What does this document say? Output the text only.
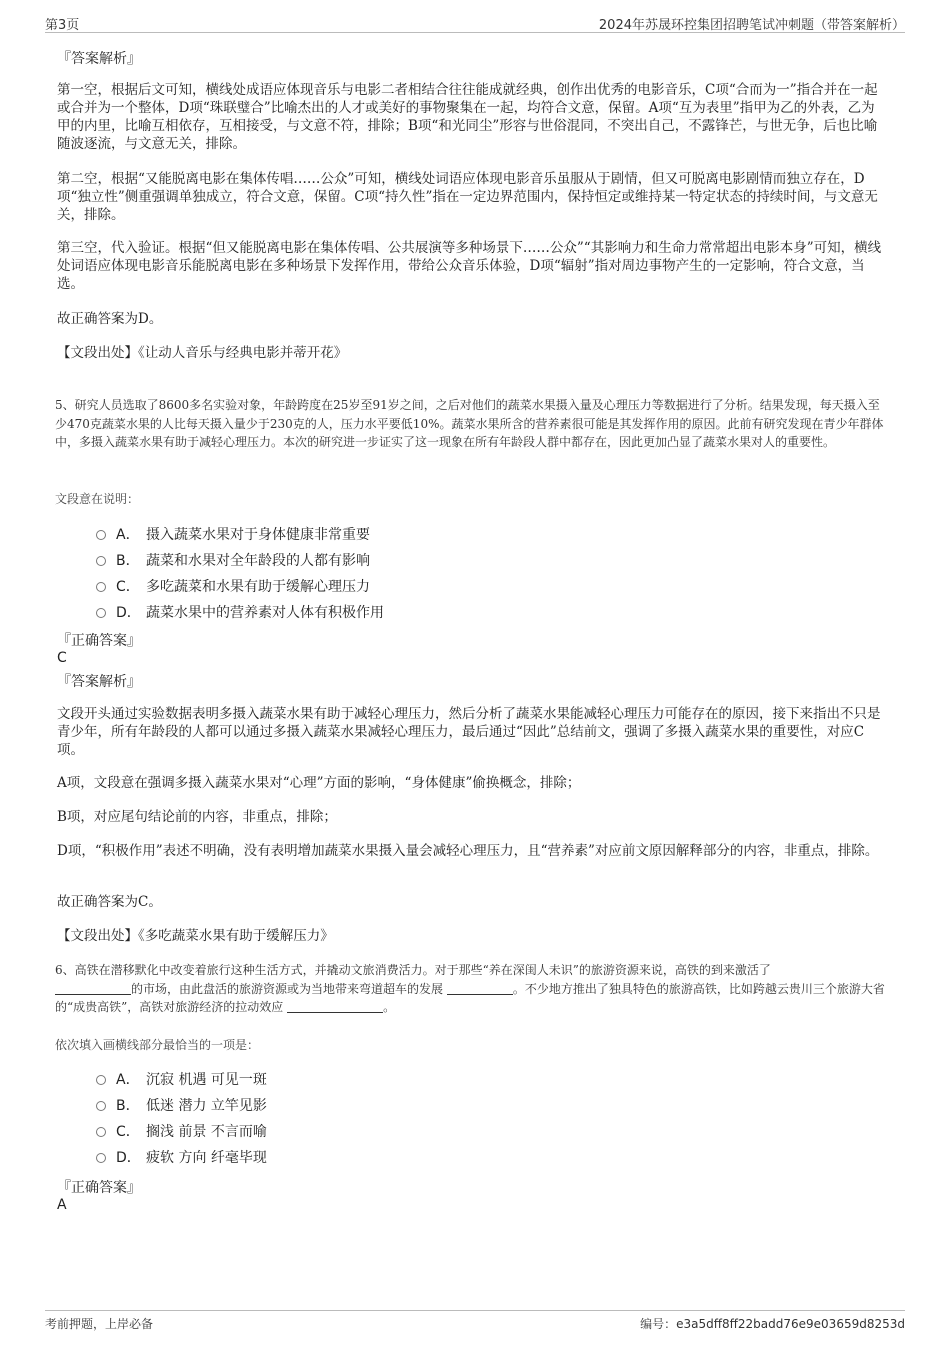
第3页	2024年苏晟环控集团招聘笔试冲刺题（带答案解析）
『答案解析』

第一空，根据后文可知，横线处成语应体现音乐与电影二者相结合往往能成就经典，创作出优秀的电影音乐，C项“合而为一”指合并在一起或合并为一个整体，D项“珠联璧合”比喻杰出的人才或美好的事物聚集在一起，均符合文意，保留。A项“互为表里”指甲为乙的外表，乙为甲的内里，比喻互相依存，互相接受，与文意不符，排除；B项“和光同尘”形容与世俗混同，不突出自己，不露锋芒，与世无争，后也比喻随波逐流，与文意无关，排除。

第二空，根据“又能脱离电影在集体传唱……公众”可知，横线处词语应体现电影音乐虽服从于剧情，但又可脱离电影剧情而独立存在，D项“独立性”侧重强调单独成立，符合文意，保留。C项“持久性”指在一定边界范围内，保持恒定或维持某一特定状态的持续时间，与文意无关，排除。

第三空，代入验证。根据“但又能脱离电影在集体传唱、公共展演等多种场景下……公众”“其影响力和生命力常常超出电影本身”可知，横线处词语应体现电影音乐能脱离电影在多种场景下发挥作用，带给公众音乐体验，D项“辐射”指对周边事物产生的一定影响，符合文意，当选。

故正确答案为D。

【文段出处】《让动人音乐与经典电影并蒂开花》

5、研究人员选取了8600多名实验对象，年龄跨度在25岁至91岁之间，之后对他们的蔬菜水果摄入量及心理压力等数据进行了分析。结果发现，每天摄入至少470克蔬菜水果的人比每天摄入量少于230克的人，压力水平要低10%。蔬菜水果所含的营养素很可能是其发挥作用的原因。此前有研究发现在青少年群体中，多摄入蔬菜水果有助于减轻心理压力。本次的研究进一步证实了这一现象在所有年龄段人群中都存在，因此更加凸显了蔬菜水果对人的重要性。

文段意在说明：
A． 摄入蔬菜水果对于身体健康非常重要
B． 蔬菜和水果对全年龄段的人都有影响
C． 多吃蔬菜和水果有助于缓解心理压力
D． 蔬菜水果中的营养素对人体有积极作用
『正确答案』
C
『答案解析』

文段开头通过实验数据表明多摄入蔬菜水果有助于减轻心理压力，然后分析了蔬菜水果能减轻心理压力可能存在的原因，接下来指出不只是青少年，所有年龄段的人都可以通过多摄入蔬菜水果减轻心理压力，最后通过“因此”总结前文，强调了多摄入蔬菜水果的重要性，对应C项。

A项，文段意在强调多摄入蔬菜水果对“心理”方面的影响，“身体健康”偷换概念，排除；

B项，对应尾句结论前的内容，非重点，排除；

D项，“积极作用”表述不明确，没有表明增加蔬菜水果摄入量会减轻心理压力，且“营养素”对应前文原因解释部分的内容，非重点，排除。

故正确答案为C。

【文段出处】《多吃蔬菜水果有助于缓解压力》

6、高铁在潜移默化中改变着旅行这种生活方式，并撬动文旅消费活力。对于那些“养在深闺人未识”的旅游资源来说，高铁的到来激活了
的市场，由此盘活的旅游资源或为当地带来弯道超车的发展	。不少地方推出了独具特色的旅游高铁，比如跨越云贵川三个旅游大省的“成贵高铁”，高铁对旅游经济的拉动效应	。

依次填入画横线部分最恰当的一项是：
A． 沉寂 机遇 可见一斑
B． 低迷 潜力 立竿见影
C． 搁浅 前景 不言而喻
D． 疲软 方向 纤毫毕现
『正确答案』
A
考前押题，上岸必备	编号：e3a5dff8ff22badd76e9e03659d8253d
